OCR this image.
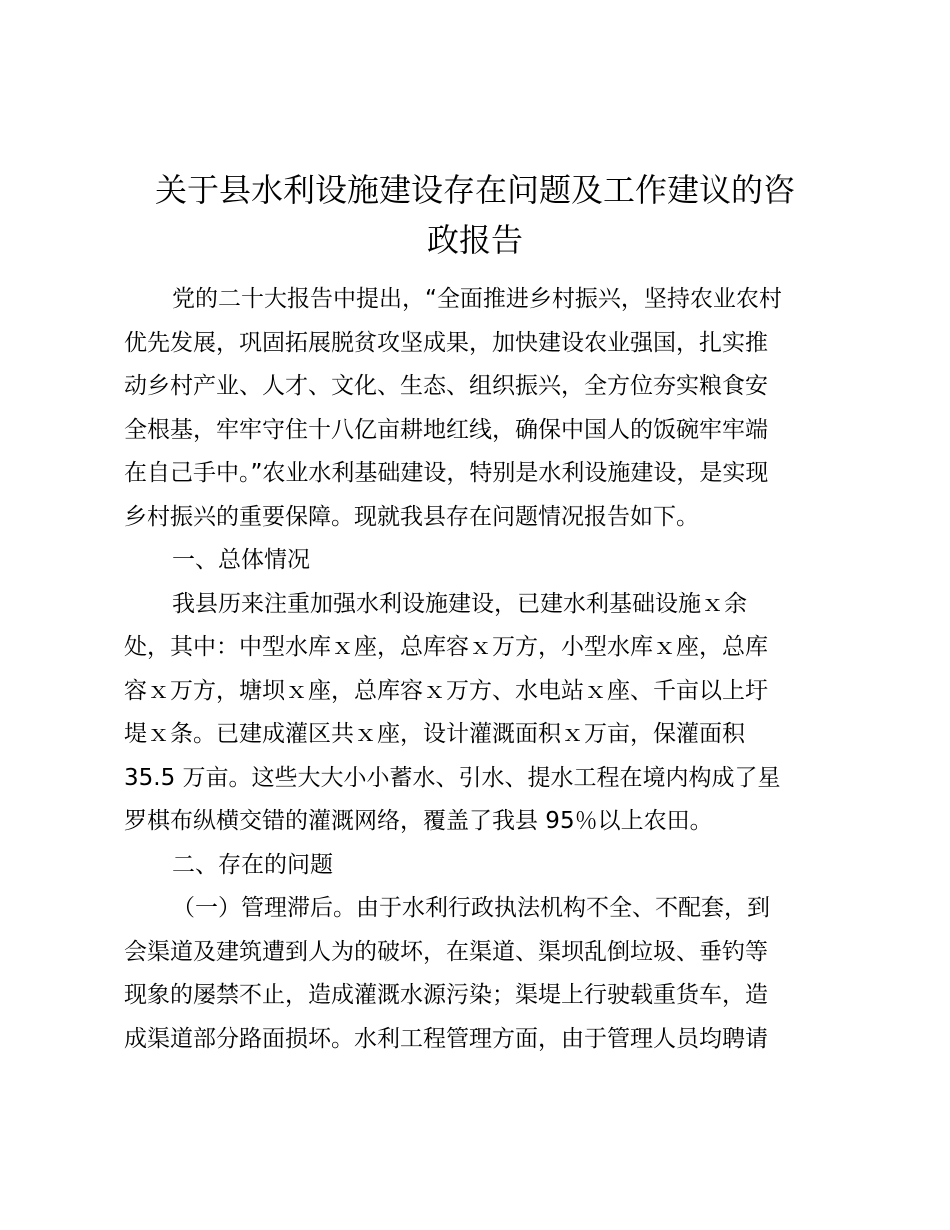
关于县水利设施建设存在问题及工作建议的咨
政报告
党的二十大报告中提出，“全面推进乡村振兴，坚持农业农村
优先发展，巩固拓展脱贫攻坚成果，加快建设农业强国，扎实推
动乡村产业、人才、文化、生态、组织振兴，全方位夯实粮食安
全根基，牢牢守住十八亿亩耕地红线，确保中国人的饭碗牢牢端
在自己手中。”农业水利基础建设，特别是水利设施建设，是实现
乡村振兴的重要保障。现就我县存在问题情况报告如下。
一、总体情况
我县历来注重加强水利设施建设，已建水利基础设施ｘ余
处，其中：中型水库ｘ座，总库容ｘ万方，小型水库ｘ座，总库
容ｘ万方，塘坝ｘ座，总库容ｘ万方、水电站ｘ座、千亩以上圩
堤ｘ条。已建成灌区共ｘ座，设计灌溉面积ｘ万亩，保灌面积
35.5 万亩。这些大大小小蓄水、引水、提水工程在境内构成了星
罗棋布纵横交错的灌溉网络，覆盖了我县 95％以上农田。
二、存在的问题
（一）管理滞后。由于水利行政执法机构不全、不配套，到
会渠道及建筑遭到人为的破坏，在渠道、渠坝乱倒垃圾、垂钓等
现象的屡禁不止，造成灌溉水源污染；渠堤上行驶载重货车，造
成渠道部分路面损坏。水利工程管理方面，由于管理人员均聘请
